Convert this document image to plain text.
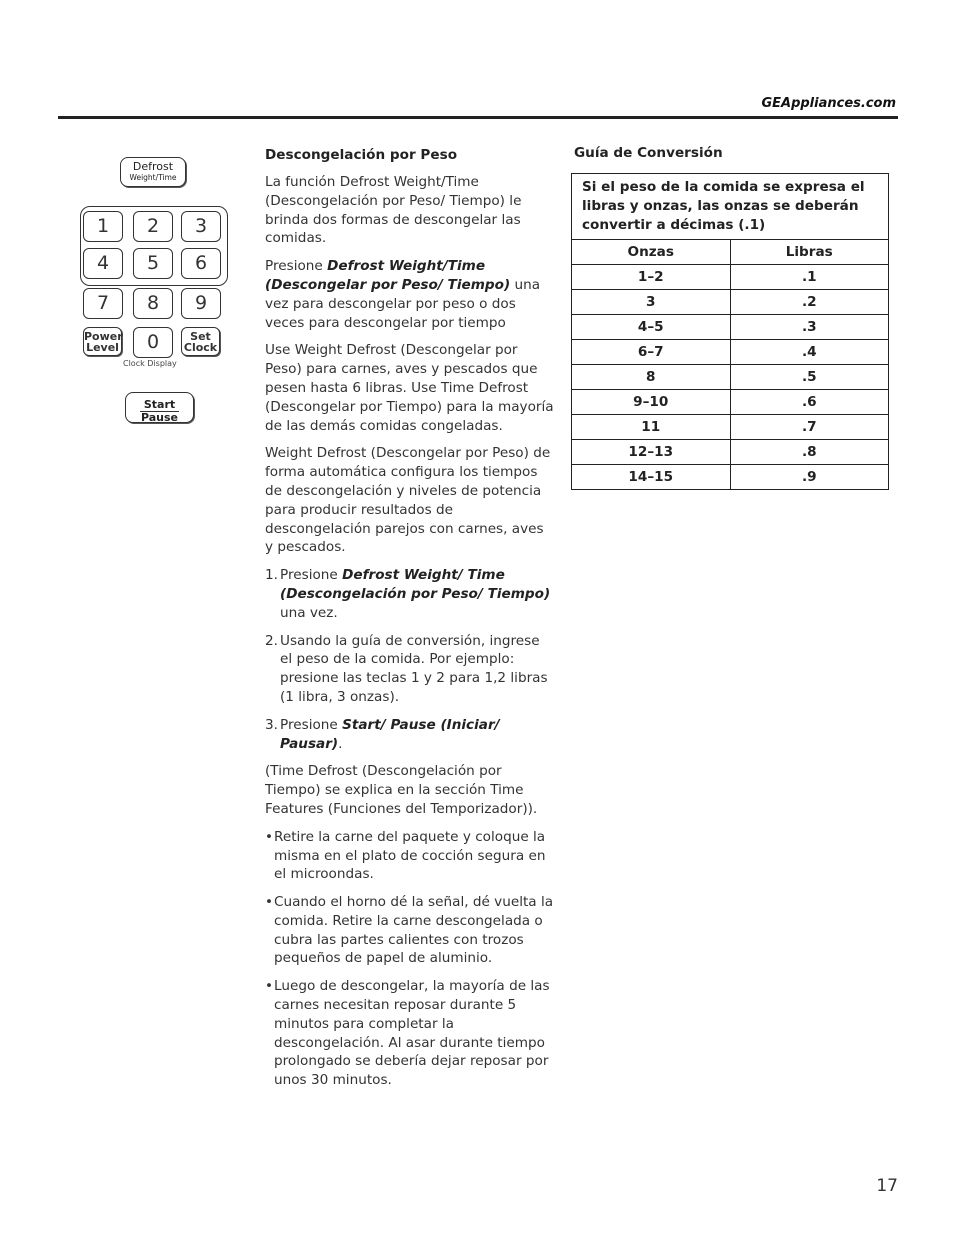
GEAppliances.com
Defrost
Weight/Time
1	2	3
4	5	6
7	8	9
Power
Level	0	Set
Clock
Clock Display
Start
Pause
Descongelación por Peso

La función Defrost Weight/Time (Descongelación por Peso/ Tiempo) le brinda dos formas de descongelar las comidas.

Presione Defrost Weight/Time (Descongelar por Peso/ Tiempo) una vez para descongelar por peso o dos veces para descongelar por tiempo

Use Weight Defrost (Descongelar por Peso) para carnes, aves y pescados que pesen hasta 6 libras. Use Time Defrost (Descongelar por Tiempo) para la mayoría de las demás comidas congeladas.

Weight Defrost (Descongelar por Peso) de forma automática configura los tiempos de descongelación y niveles de potencia para producir resultados de descongelación parejos con carnes, aves y pescados.

1. Presione Defrost Weight/ Time (Descongelación por Peso/ Tiempo) una vez.
2. Usando la guía de conversión, ingrese el peso de la comida. Por ejemplo: presione las teclas 1 y 2 para 1,2 libras (1 libra, 3 onzas).
3. Presione Start/ Pause (Iniciar/ Pausar).

(Time Defrost (Descongelación por Tiempo) se explica en la sección Time Features (Funciones del Temporizador)).

• Retire la carne del paquete y coloque la misma en el plato de cocción segura en el microondas.
• Cuando el horno dé la señal, dé vuelta la comida. Retire la carne descongelada o cubra las partes calientes con trozos pequeños de papel de aluminio.
• Luego de descongelar, la mayoría de las carnes necesitan reposar durante 5 minutos para completar la descongelación. Al asar durante tiempo prolongado se debería dejar reposar por unos 30 minutos.
Guía de Conversión
Si el peso de la comida se expresa el libras y onzas, las onzas se deberán convertir a décimas (.1)
Onzas	Libras
1–2	.1
3	.2
4–5	.3
6–7	.4
8	.5
9–10	.6
11	.7
12–13	.8
14–15	.9
17
